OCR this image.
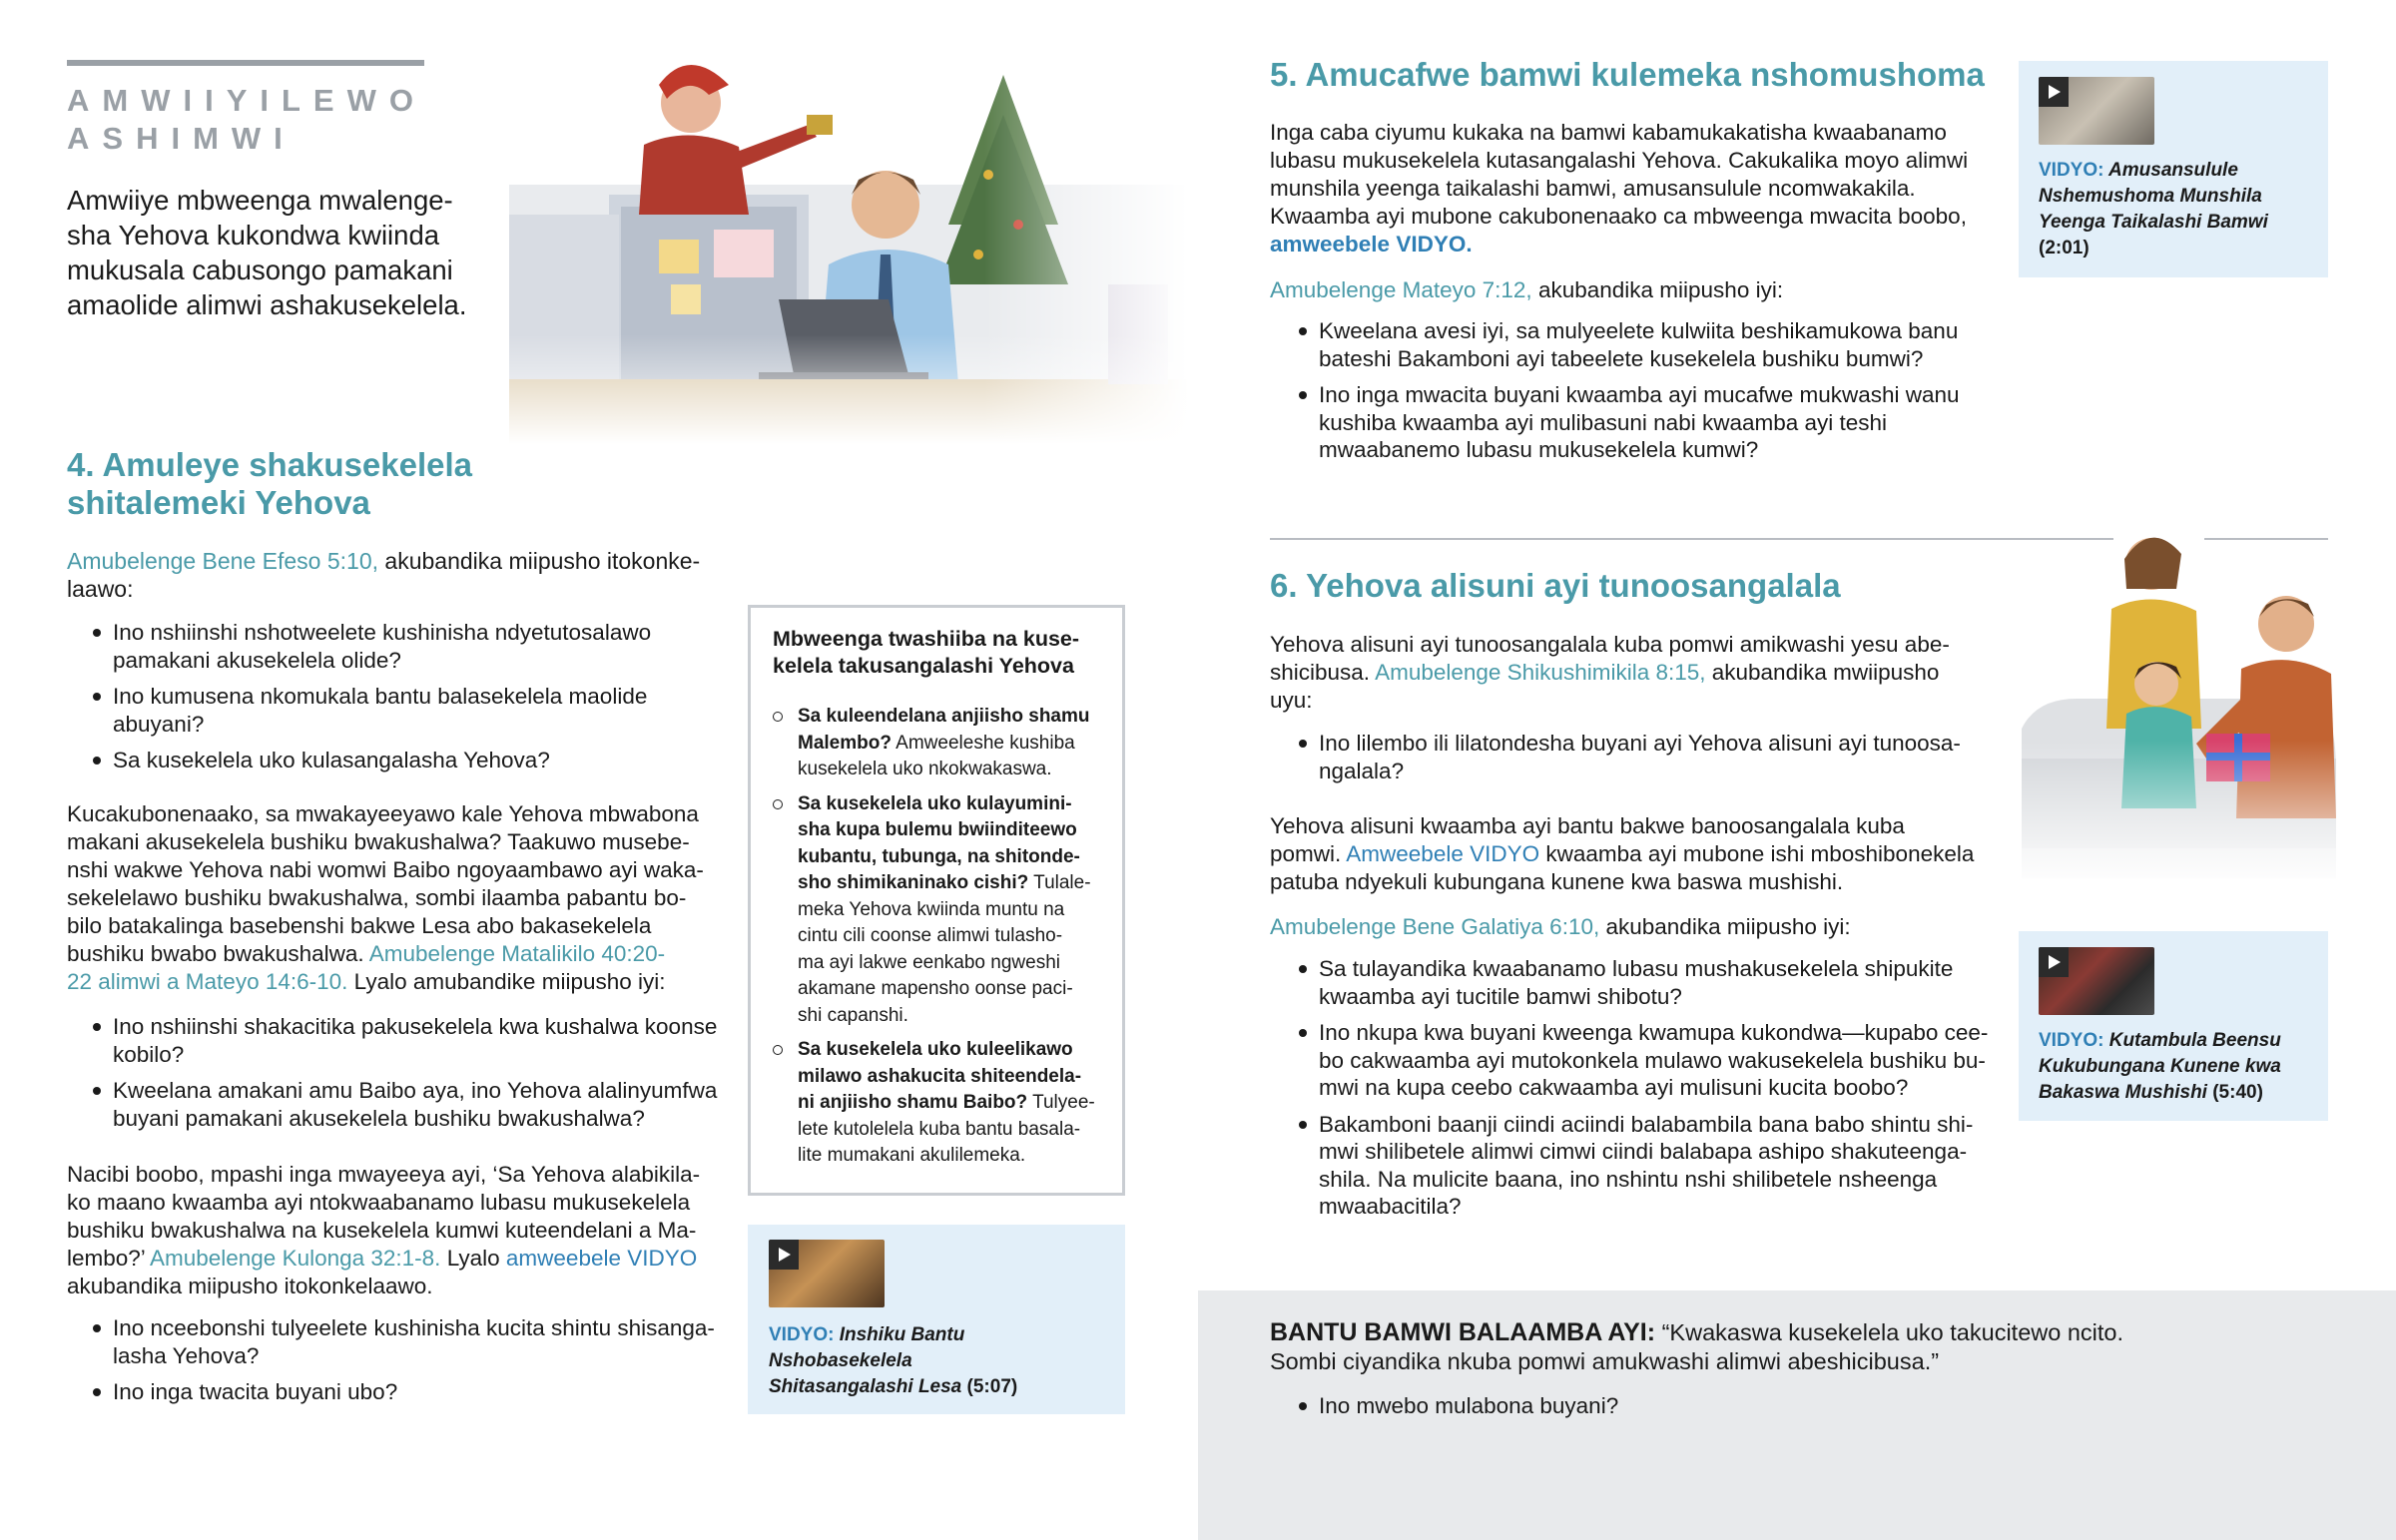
AMWIIYILEWO
ASHIMWI
Amwiiye mbweenga mwalenge-
sha Yehova kukondwa kwiinda
mukusala cabusongo pamakani
amaolide alimwi ashakusekelela.
4. Amuleye shakusekelela
shitalemeki Yehova
Amubelenge Bene Efeso 5:10, akubandika miipusho itokonke-
laawo:
Ino nshiinshi nshotweelete kushinisha ndyetutosalawo
pamakani akusekelela olide?
Ino kumusena nkomukala bantu balasekelela maolide
abuyani?
Sa kusekelela uko kulasangalasha Yehova?
Kucakubonenaako, sa mwakayeeyawo kale Yehova mbwabona
makani akusekelela bushiku bwakushalwa? Taakuwo musebe-
nshi wakwe Yehova nabi womwi Baibo ngoyaambawo ayi waka-
sekelelawo bushiku bwakushalwa, sombi ilaamba pabantu bo-
bilo batakalinga basebenshi bakwe Lesa abo bakasekelela
bushiku bwabo bwakushalwa. Amubelenge Matalikilo 40:20-
22 alimwi a Mateyo 14:6-10. Lyalo amubandike miipusho iyi:
Ino nshiinshi shakacitika pakusekelela kwa kushalwa koonse
kobilo?
Kweelana amakani amu Baibo aya, ino Yehova alalinyumfwa
buyani pamakani akusekelela bushiku bwakushalwa?
Nacibi boobo, mpashi inga mwayeeya ayi, ‘Sa Yehova alabikila-
ko maano kwaamba ayi ntokwaabanamo lubasu mukusekelela
bushiku bwakushalwa na kusekelela kumwi kuteendelani a Ma-
lembo?’ Amubelenge Kulonga 32:1-8. Lyalo amweebele VIDYO
akubandika miipusho itokonkelaawo.
Ino nceebonshi tulyeelete kushinisha kucita shintu shisanga-
lasha Yehova?
Ino inga twacita buyani ubo?
Mbweenga twashiiba na kuse-
kelela takusangalashi Yehova
Sa kuleendelana anjiisho shamu
Malembo? Amweeleshe kushiba
kusekelela uko nkokwakaswa.
Sa kusekelela uko kulayumini-
sha kupa bulemu bwiinditeewo
kubantu, tubunga, na shitonde-
sho shimikaninako cishi? Tulale-
meka Yehova kwiinda muntu na
cintu cili coonse alimwi tulasho-
ma ayi lakwe eenkabo ngweshi
akamane mapensho oonse paci-
shi capanshi.
Sa kusekelela uko kuleelikawo
milawo ashakucita shiteendela-
ni anjiisho shamu Baibo? Tulyee-
lete kutolelela kuba bantu basala-
lite mumakani akulilemeka.
VIDYO: Inshiku Bantu Nshobasekelela
Shitasangalashi Lesa (5:07)
5. Amucafwe bamwi kulemeka nshomushoma
Inga caba ciyumu kukaka na bamwi kabamukakatisha kwaabanamo
lubasu mukusekelela kutasangalashi Yehova. Cakukalika moyo alimwi
munshila yeenga taikalashi bamwi, amusansulule ncomwakakila.
Kwaamba ayi mubone cakubonenaako ca mbweenga mwacita boobo,
amweebele VIDYO.
Amubelenge Mateyo 7:12, akubandika miipusho iyi:
Kweelana avesi iyi, sa mulyeelete kulwiita beshikamukowa banu
bateshi Bakamboni ayi tabeelete kusekelela bushiku bumwi?
Ino inga mwacita buyani kwaamba ayi mucafwe mukwashi wanu
kushiba kwaamba ayi mulibasuni nabi kwaamba ayi teshi
mwaabanemo lubasu mukusekelela kumwi?
VIDYO: Amusansulule
Nshemushoma Munshila
Yeenga Taikalashi Bamwi
(2:01)
6. Yehova alisuni ayi tunoosangalala
Yehova alisuni ayi tunoosangalala kuba pomwi amikwashi yesu abe-
shicibusa. Amubelenge Shikushimikila 8:15, akubandika mwiipusho
uyu:
Ino lilembo ili lilatondesha buyani ayi Yehova alisuni ayi tunoosa-
ngalala?
Yehova alisuni kwaamba ayi bantu bakwe banoosangalala kuba
pomwi. Amweebele VIDYO kwaamba ayi mubone ishi mboshibonekela
patuba ndyekuli kubungana kunene kwa baswa mushishi.
Amubelenge Bene Galatiya 6:10, akubandika miipusho iyi:
Sa tulayandika kwaabanamo lubasu mushakusekelela shipukite
kwaamba ayi tucitile bamwi shibotu?
Ino nkupa kwa buyani kweenga kwamupa kukondwa—kupabo cee-
bo cakwaamba ayi mutokonkela mulawo wakusekelela bushiku bu-
mwi na kupa ceebo cakwaamba ayi mulisuni kucita boobo?
Bakamboni baanji ciindi aciindi balabambila bana babo shintu shi-
mwi shilibetele alimwi cimwi ciindi balabapa ashipo shakuteenga-
shila. Na mulicite baana, ino nshintu nshi shilibetele nsheenga
mwaabacitila?
VIDYO: Kutambula Beensu
Kukubungana Kunene kwa
Bakaswa Mushishi (5:40)
BANTU BAMWI BALAAMBA AYI: “Kwakaswa kusekelela uko takucitewo ncito.
Sombi ciyandika nkuba pomwi amukwashi alimwi abeshicibusa.”
Ino mwebo mulabona buyani?
